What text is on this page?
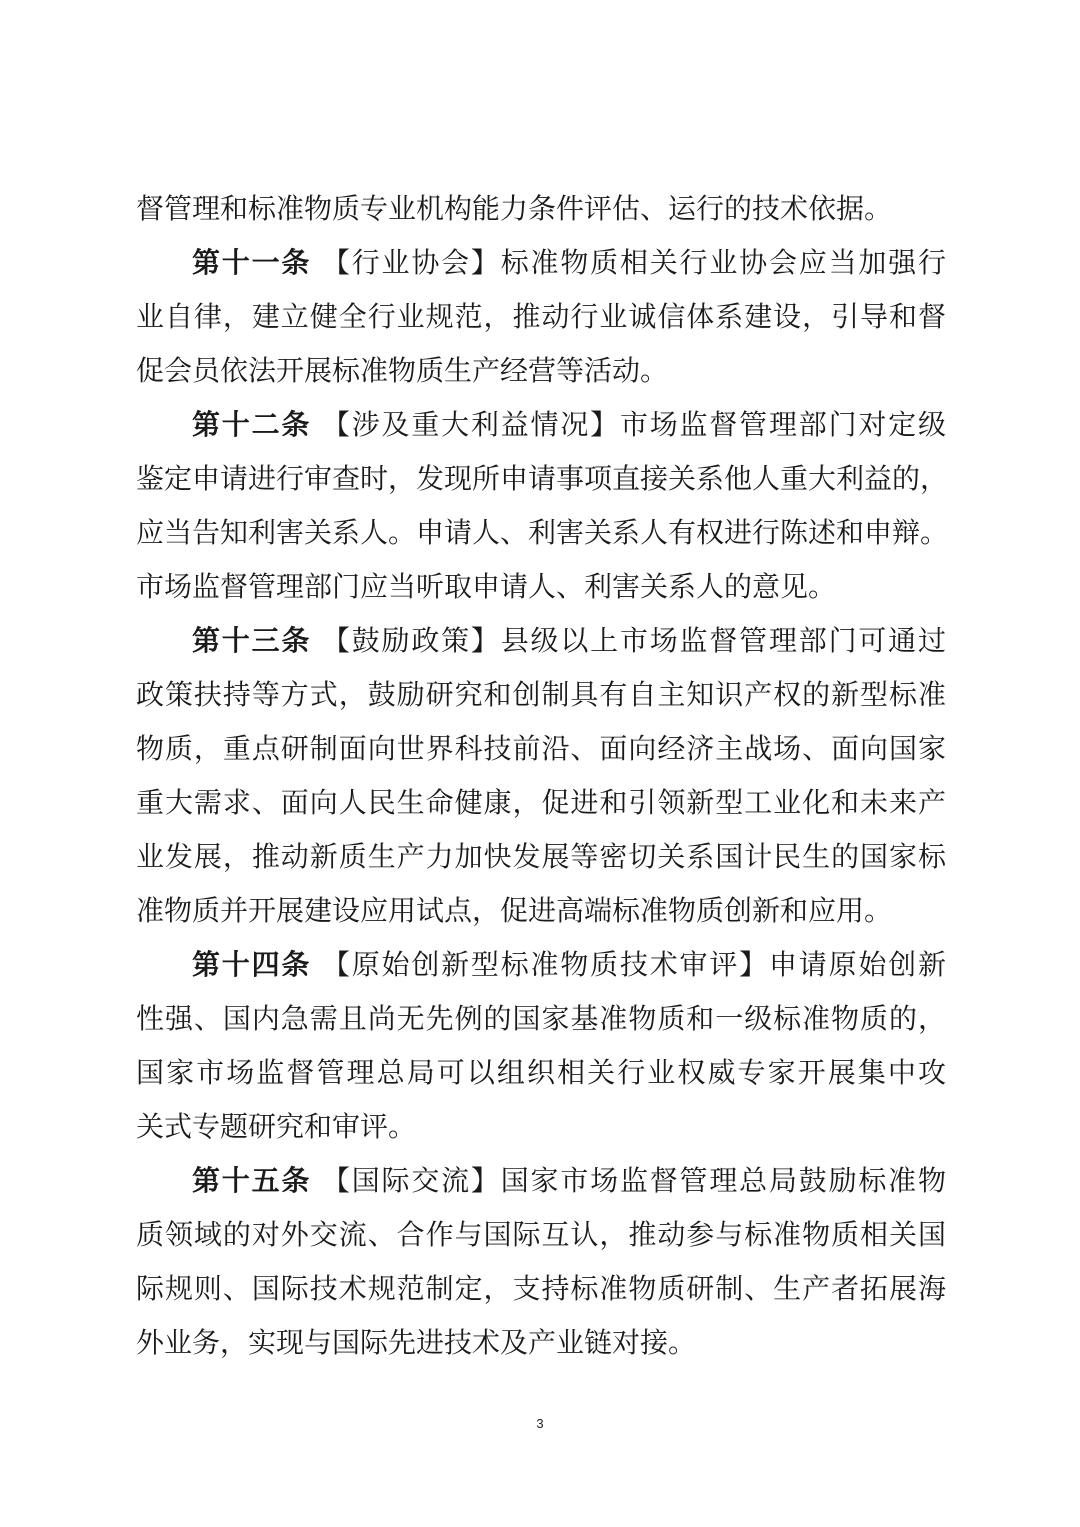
督管理和标准物质专业机构能力条件评估、运行的技术依据。
第十一条 【行业协会】标准物质相关行业协会应当加强行
业自律，建立健全行业规范，推动行业诚信体系建设，引导和督
促会员依法开展标准物质生产经营等活动。
第十二条 【涉及重大利益情况】市场监督管理部门对定级
鉴定申请进行审查时，发现所申请事项直接关系他人重大利益的，
应当告知利害关系人。申请人、利害关系人有权进行陈述和申辩。
市场监督管理部门应当听取申请人、利害关系人的意见。
第十三条 【鼓励政策】县级以上市场监督管理部门可通过
政策扶持等方式，鼓励研究和创制具有自主知识产权的新型标准
物质，重点研制面向世界科技前沿、面向经济主战场、面向国家
重大需求、面向人民生命健康，促进和引领新型工业化和未来产
业发展，推动新质生产力加快发展等密切关系国计民生的国家标
准物质并开展建设应用试点，促进高端标准物质创新和应用。
第十四条 【原始创新型标准物质技术审评】申请原始创新
性强、国内急需且尚无先例的国家基准物质和一级标准物质的，
国家市场监督管理总局可以组织相关行业权威专家开展集中攻
关式专题研究和审评。
第十五条 【国际交流】国家市场监督管理总局鼓励标准物
质领域的对外交流、合作与国际互认，推动参与标准物质相关国
际规则、国际技术规范制定，支持标准物质研制、生产者拓展海
外业务，实现与国际先进技术及产业链对接。
3
